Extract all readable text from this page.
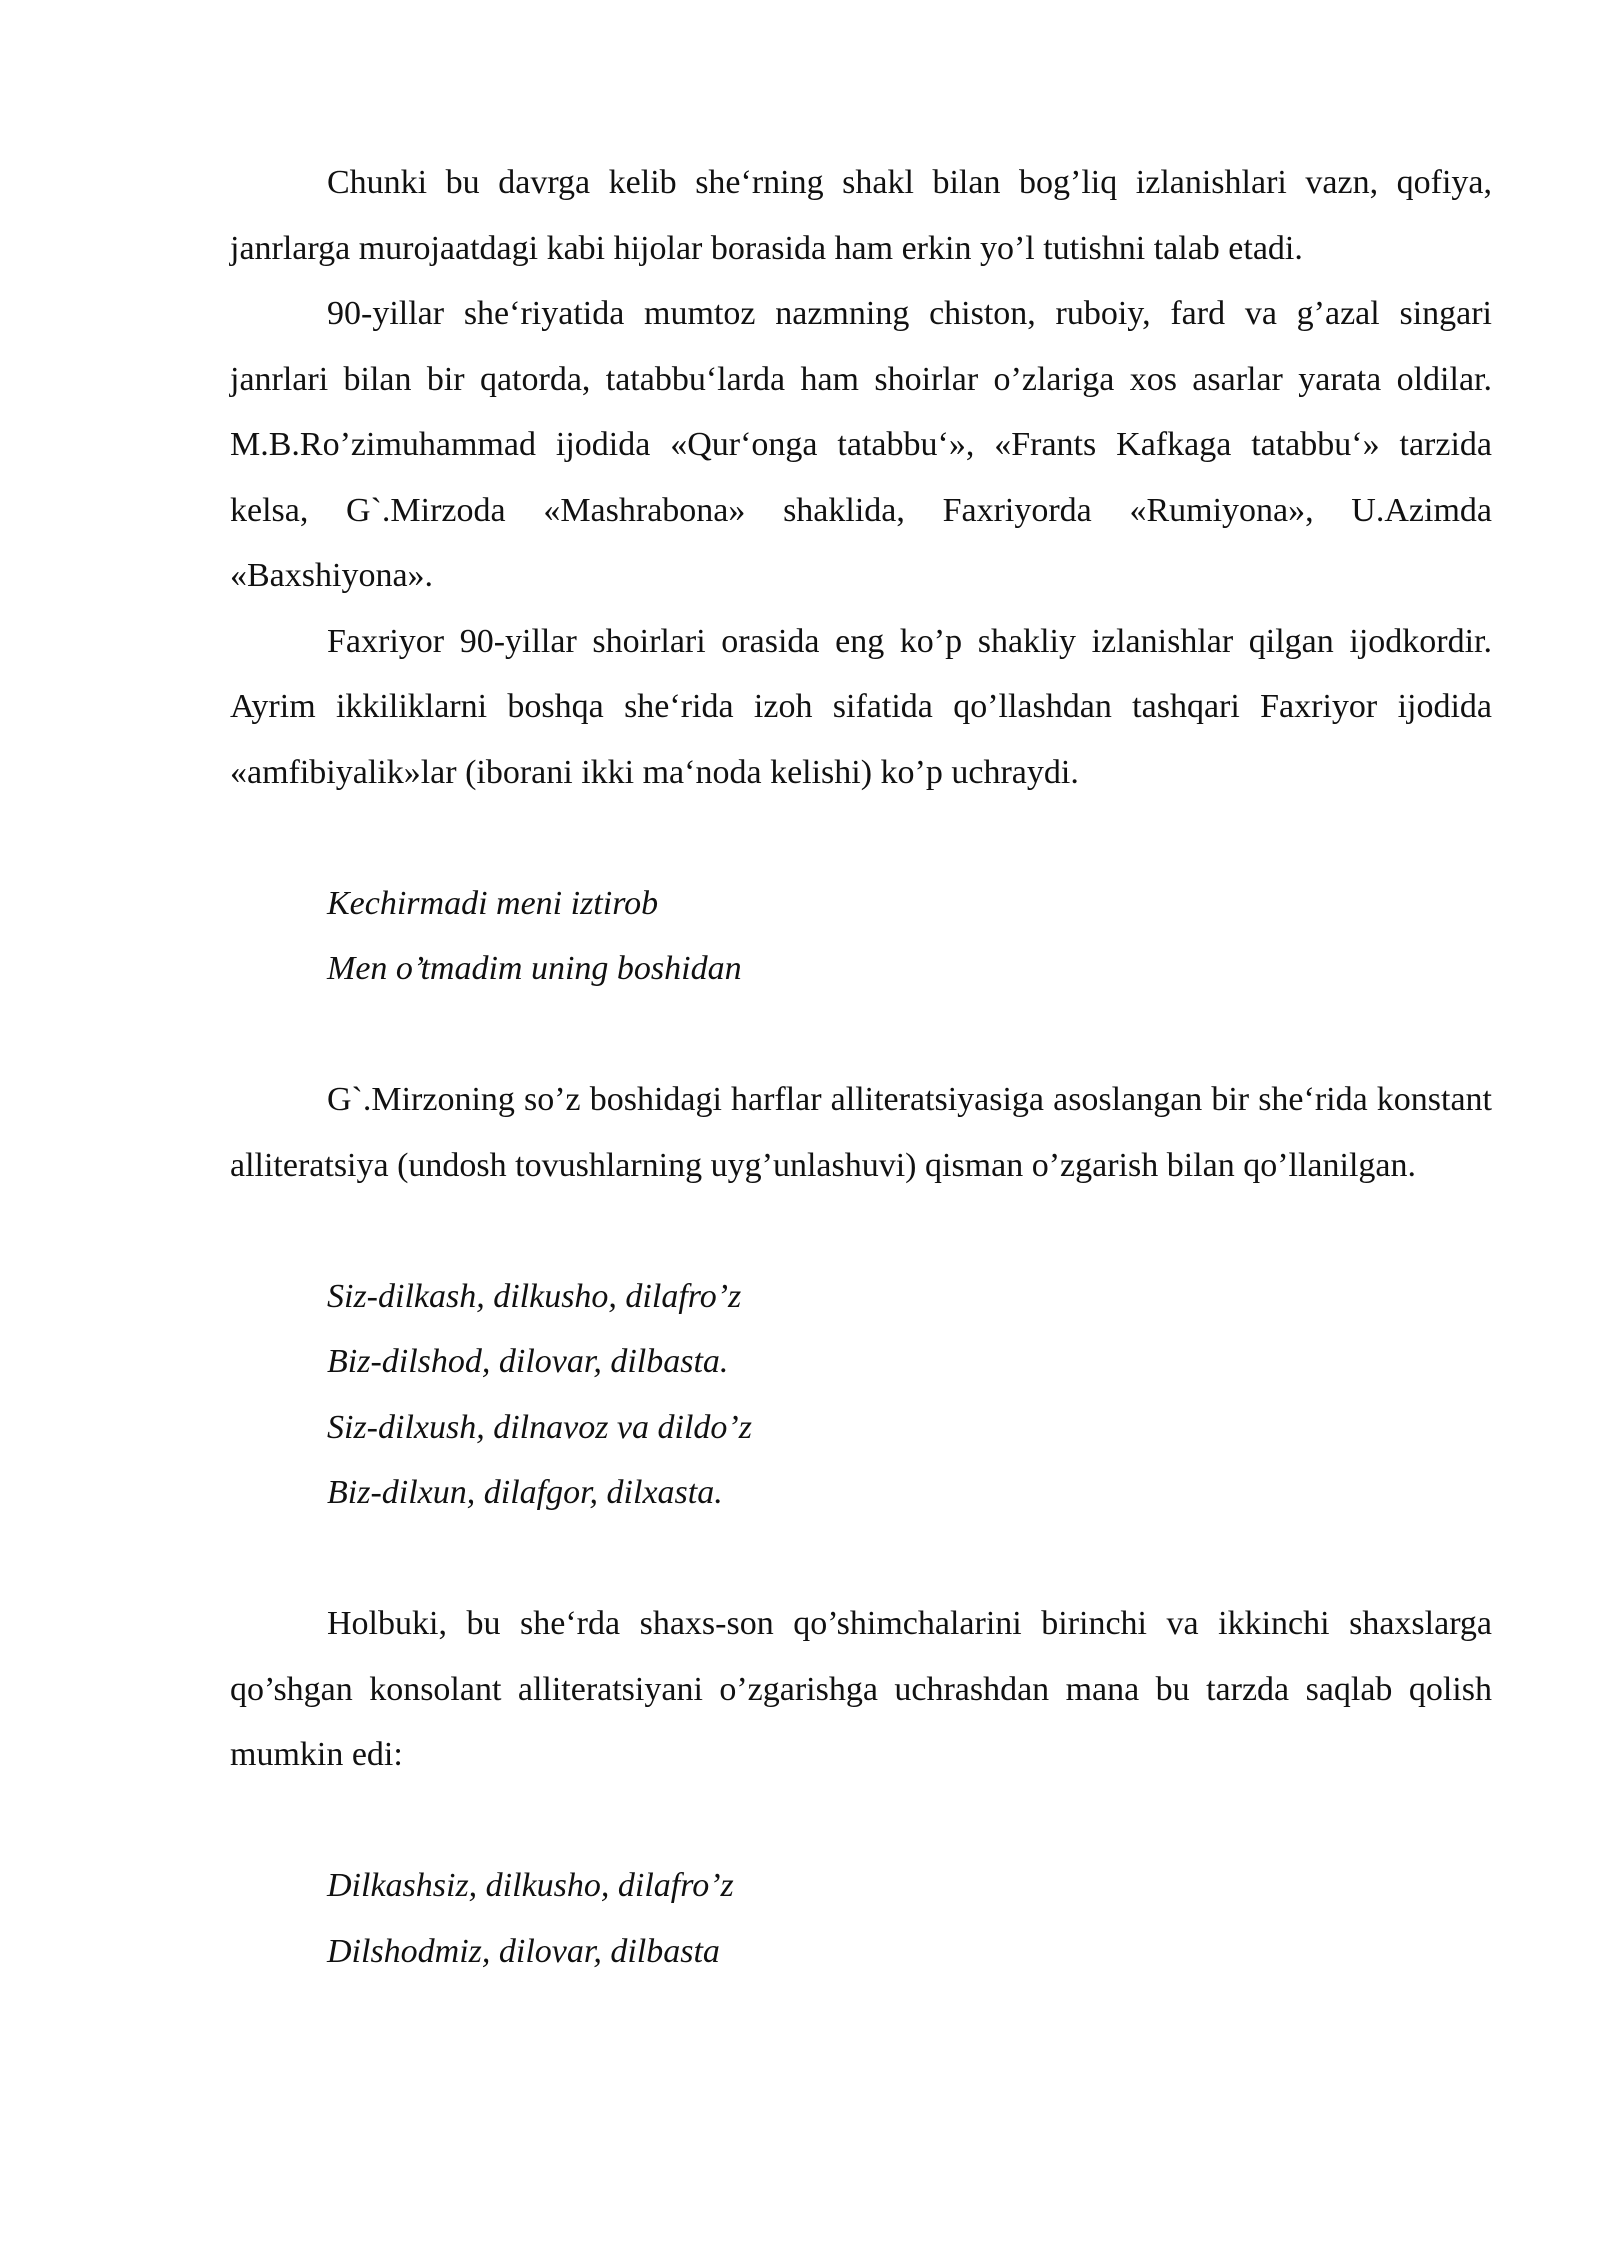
Chunki bu davrga kelib she‘rning shakl bilan bog’liq izlanishlari vazn, qofiya, janrlarga murojaatdagi kabi hijolar borasida ham erkin yo’l tutishni talab etadi.

90-yillar she‘riyatida mumtoz nazmning chiston, ruboiy, fard va g’azal singari janrlari bilan bir qatorda, tatabbu‘larda ham shoirlar o’zlariga xos asarlar yarata oldilar. M.B.Ro’zimuhammad ijodida «Qur‘onga tatabbu‘», «Frants Kafkaga tatabbu‘» tarzida kelsa, G`.Mirzoda «Mashrabona» shaklida, Faxriyorda «Rumiyona», U.Azimda «Baxshiyona».

Faxriyor 90-yillar shoirlari orasida eng ko’p shakliy izlanishlar qilgan ijodkordir. Ayrim ikkiliklarni boshqa she‘rida izoh sifatida qo’llashdan tashqari Faxriyor ijodida «amfibiyalik»lar (iborani ikki ma‘noda kelishi) ko’p uchraydi.

Kechirmadi meni iztirob
Men o’tmadim uning boshidan

G`.Mirzoning so’z boshidagi harflar alliteratsiyasiga asoslangan bir she‘rida konstant alliteratsiya (undosh tovushlarning uyg’unlashuvi) qisman o’zgarish bilan qo’llanilgan.

Siz-dilkash, dilkusho, dilafro’z
Biz-dilshod, dilovar, dilbasta.
Siz-dilxush, dilnavoz va dildo’z
Biz-dilxun, dilafgor, dilxasta.

Holbuki, bu she‘rda shaxs-son qo’shimchalarini birinchi va ikkinchi shaxslarga qo’shgan konsolant alliteratsiyani o’zgarishga uchrashdan mana bu tarzda saqlab qolish mumkin edi:

Dilkashsiz, dilkusho, dilafro’z
Dilshodmiz, dilovar, dilbasta
